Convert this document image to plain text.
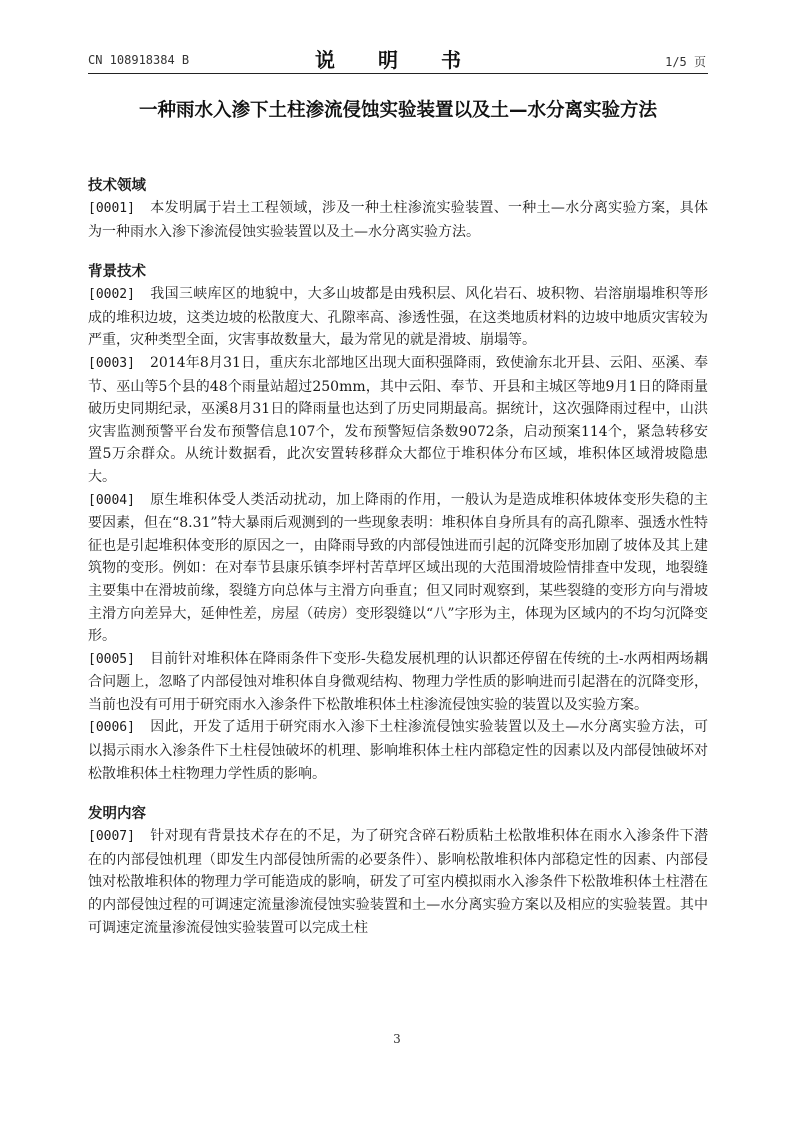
CN 108918384 B	说 明 书	1/5 页
一种雨水入渗下土柱渗流侵蚀实验装置以及土—水分离实验方法

技术领域

[0001] 本发明属于岩土工程领域，涉及一种土柱渗流实验装置、一种土—水分离实验方案，具体为一种雨水入渗下渗流侵蚀实验装置以及土—水分离实验方法。

背景技术

[0002] 我国三峡库区的地貌中，大多山坡都是由残积层、风化岩石、坡积物、岩溶崩塌堆积等形成的堆积边坡，这类边坡的松散度大、孔隙率高、渗透性强，在这类地质材料的边坡中地质灾害较为严重，灾种类型全面，灾害事故数量大，最为常见的就是滑坡、崩塌等。

[0003] 2014年8月31日，重庆东北部地区出现大面积强降雨，致使渝东北开县、云阳、巫溪、奉节、巫山等5个县的48个雨量站超过250mm，其中云阳、奉节、开县和主城区等地9月1日的降雨量破历史同期纪录，巫溪8月31日的降雨量也达到了历史同期最高。据统计，这次强降雨过程中，山洪灾害监测预警平台发布预警信息107个，发布预警短信条数9072条，启动预案114个，紧急转移安置5万余群众。从统计数据看，此次安置转移群众大都位于堆积体分布区域，堆积体区域滑坡隐患大。

[0004] 原生堆积体受人类活动扰动，加上降雨的作用，一般认为是造成堆积体坡体变形失稳的主要因素，但在“8.31”特大暴雨后观测到的一些现象表明：堆积体自身所具有的高孔隙率、强透水性特征也是引起堆积体变形的原因之一，由降雨导致的内部侵蚀进而引起的沉降变形加剧了坡体及其上建筑物的变形。例如：在对奉节县康乐镇李坪村苦草坪区域出现的大范围滑坡险情排查中发现，地裂缝主要集中在滑坡前缘，裂缝方向总体与主滑方向垂直；但又同时观察到，某些裂缝的变形方向与滑坡主滑方向差异大，延伸性差，房屋（砖房）变形裂缝以“八”字形为主，体现为区域内的不均匀沉降变形。

[0005] 目前针对堆积体在降雨条件下变形-失稳发展机理的认识都还停留在传统的土-水两相两场耦合问题上，忽略了内部侵蚀对堆积体自身微观结构、物理力学性质的影响进而引起潜在的沉降变形，当前也没有可用于研究雨水入渗条件下松散堆积体土柱渗流侵蚀实验的装置以及实验方案。

[0006] 因此，开发了适用于研究雨水入渗下土柱渗流侵蚀实验装置以及土—水分离实验方法，可以揭示雨水入渗条件下土柱侵蚀破坏的机理、影响堆积体土柱内部稳定性的因素以及内部侵蚀破坏对松散堆积体土柱物理力学性质的影响。

发明内容

[0007] 针对现有背景技术存在的不足，为了研究含碎石粉质粘土松散堆积体在雨水入渗条件下潜在的内部侵蚀机理（即发生内部侵蚀所需的必要条件）、影响松散堆积体内部稳定性的因素、内部侵蚀对松散堆积体的物理力学可能造成的影响，研发了可室内模拟雨水入渗条件下松散堆积体土柱潜在的内部侵蚀过程的可调速定流量渗流侵蚀实验装置和土—水分离实验方案以及相应的实验装置。其中可调速定流量渗流侵蚀实验装置可以完成土柱

3
